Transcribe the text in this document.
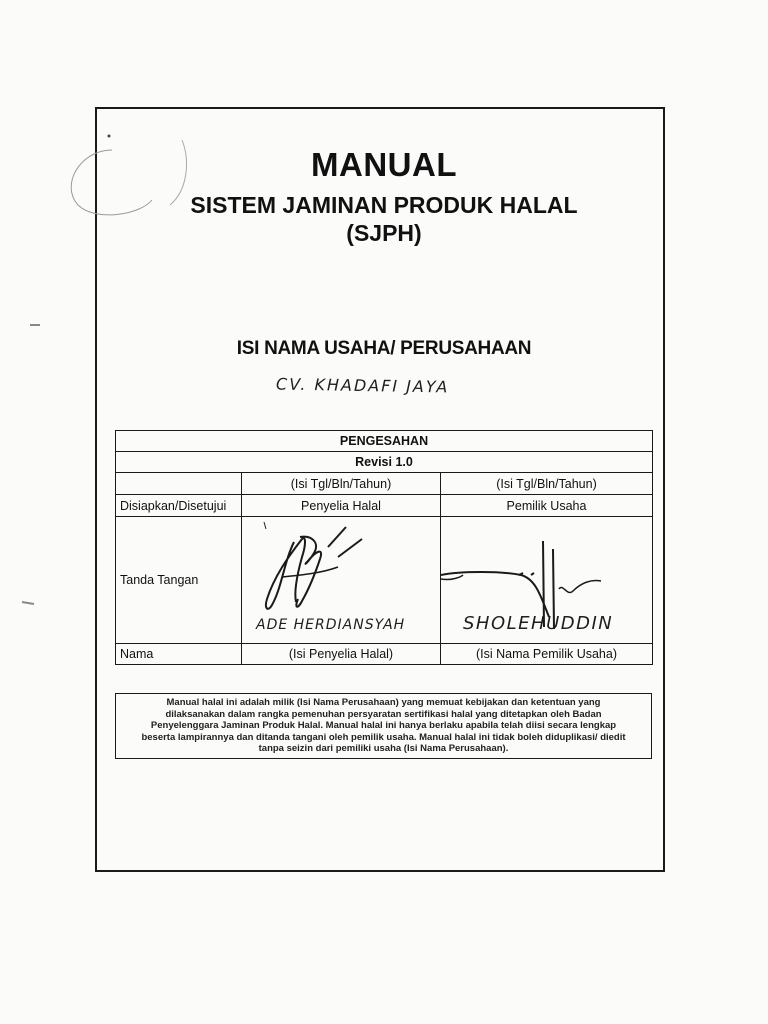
MANUAL
SISTEM JAMINAN PRODUK HALAL
(SJPH)
ISI NAMA USAHA/ PERUSAHAAN
CV. KHADAFI JAYA
PENGESAHAN		
Revisi 1.0		
	(Isi Tgl/Bln/Tahun)	(Isi Tgl/Bln/Tahun)
Disiapkan/Disetujui	Penyelia Halal	Pemilik Usaha
Tanda Tangan	ADE HERDIANSYAH	SHOLEHUDDIN

Nama	(Isi Penyelia Halal)	(Isi Nama Pemilik Usaha)
Manual halal ini adalah milik (Isi Nama Perusahaan) yang memuat kebijakan dan ketentuan yang
dilaksanakan dalam rangka pemenuhan persyaratan sertifikasi halal yang ditetapkan oleh Badan
Penyelenggara Jaminan Produk Halal. Manual halal ini hanya berlaku apabila telah diisi secara lengkap
beserta lampirannya dan ditanda tangani oleh pemilik usaha. Manual halal ini tidak boleh diduplikasi/ diedit
tanpa seizin dari pemiliki usaha (Isi Nama Perusahaan).
